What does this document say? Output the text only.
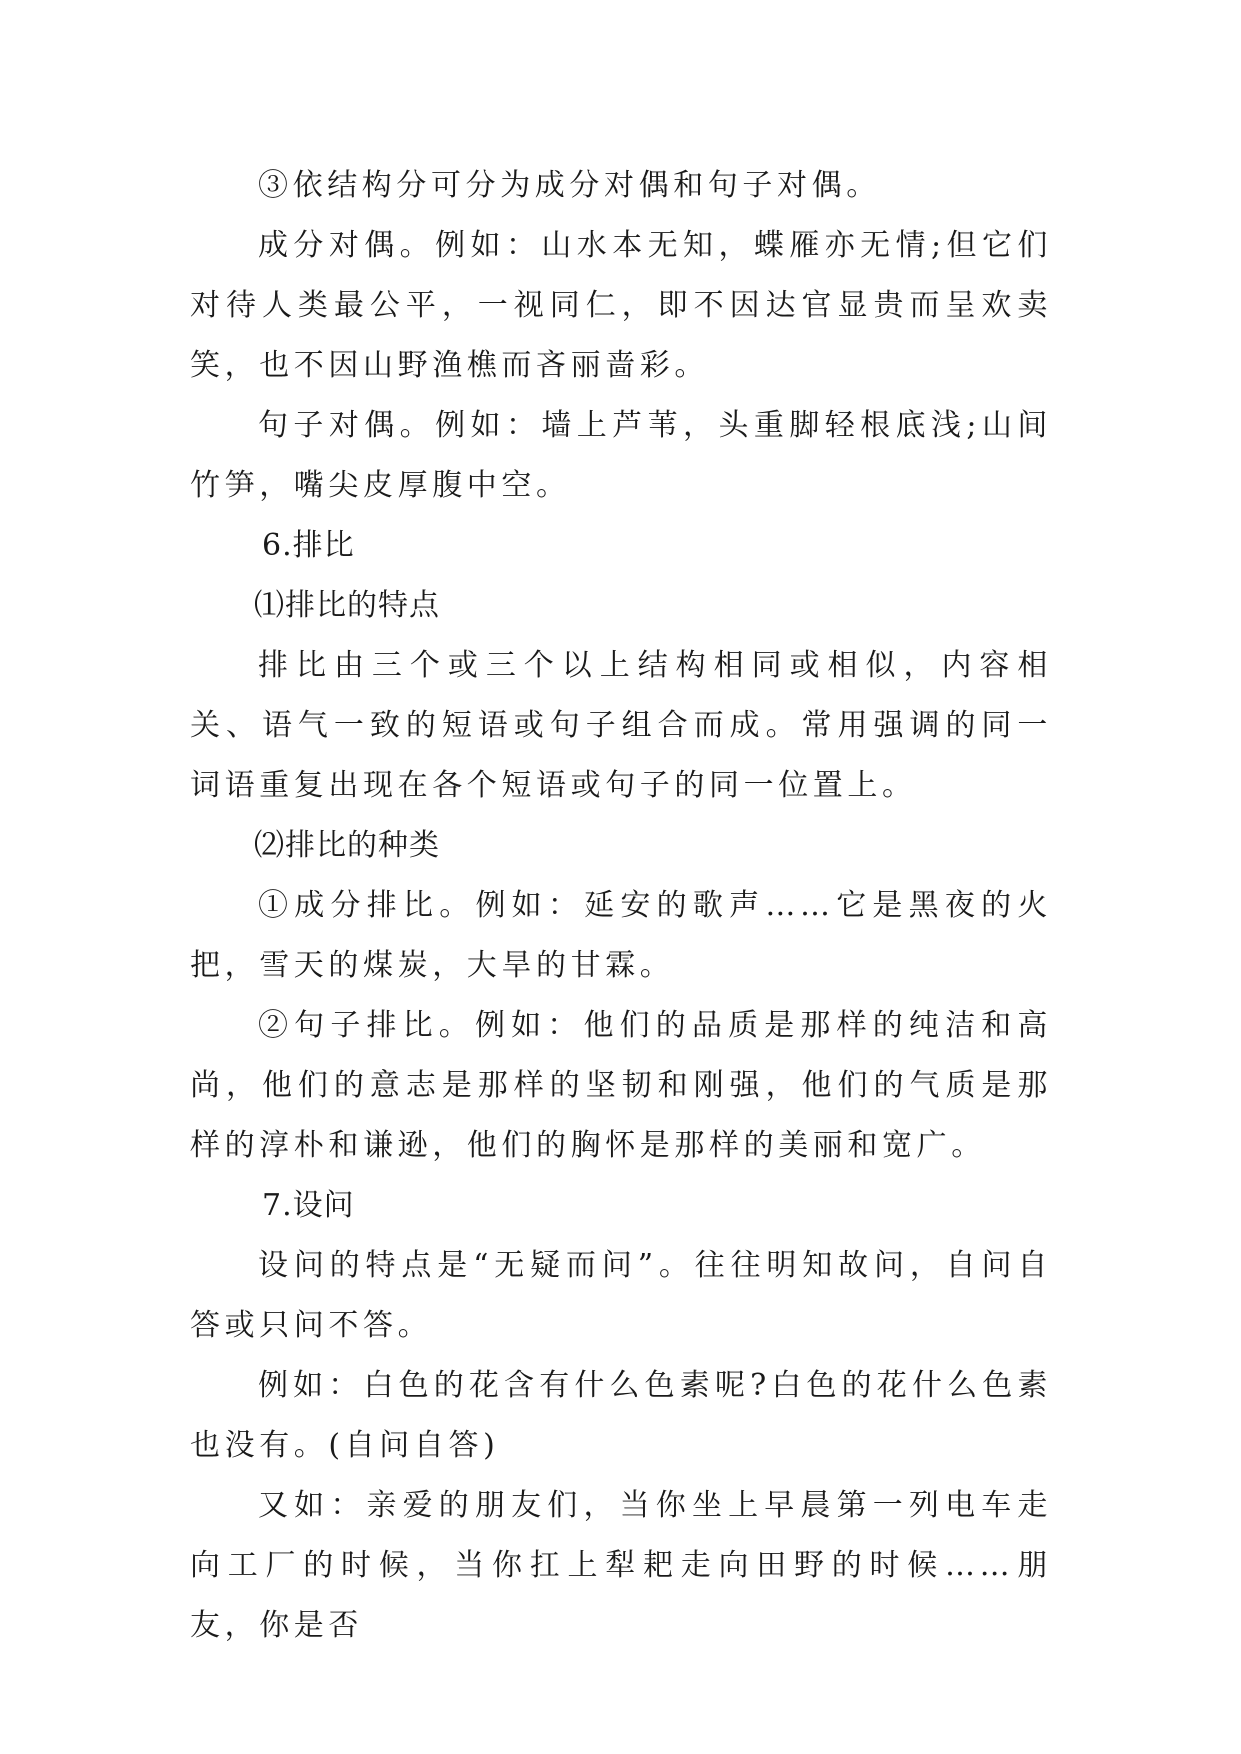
③依结构分可分为成分对偶和句子对偶。

成分对偶。例如：山水本无知，蝶雁亦无情;但它们对待人类最公平，一视同仁，即不因达官显贵而呈欢卖笑，也不因山野渔樵而吝丽啬彩。

句子对偶。例如：墙上芦苇，头重脚轻根底浅;山间竹笋，嘴尖皮厚腹中空。

6.排比

⑴排比的特点

排比由三个或三个以上结构相同或相似，内容相关、语气一致的短语或句子组合而成。常用强调的同一词语重复出现在各个短语或句子的同一位置上。

⑵排比的种类

①成分排比。例如：延安的歌声……它是黑夜的火把，雪天的煤炭，大旱的甘霖。

②句子排比。例如：他们的品质是那样的纯洁和高尚，他们的意志是那样的坚韧和刚强，他们的气质是那样的淳朴和谦逊，他们的胸怀是那样的美丽和宽广。

7.设问

设问的特点是“无疑而问”。往往明知故问，自问自答或只问不答。

例如：白色的花含有什么色素呢?白色的花什么色素也没有。(自问自答)

又如：亲爱的朋友们，当你坐上早晨第一列电车走向工厂的时候，当你扛上犁耙走向田野的时候……朋友，你是否
